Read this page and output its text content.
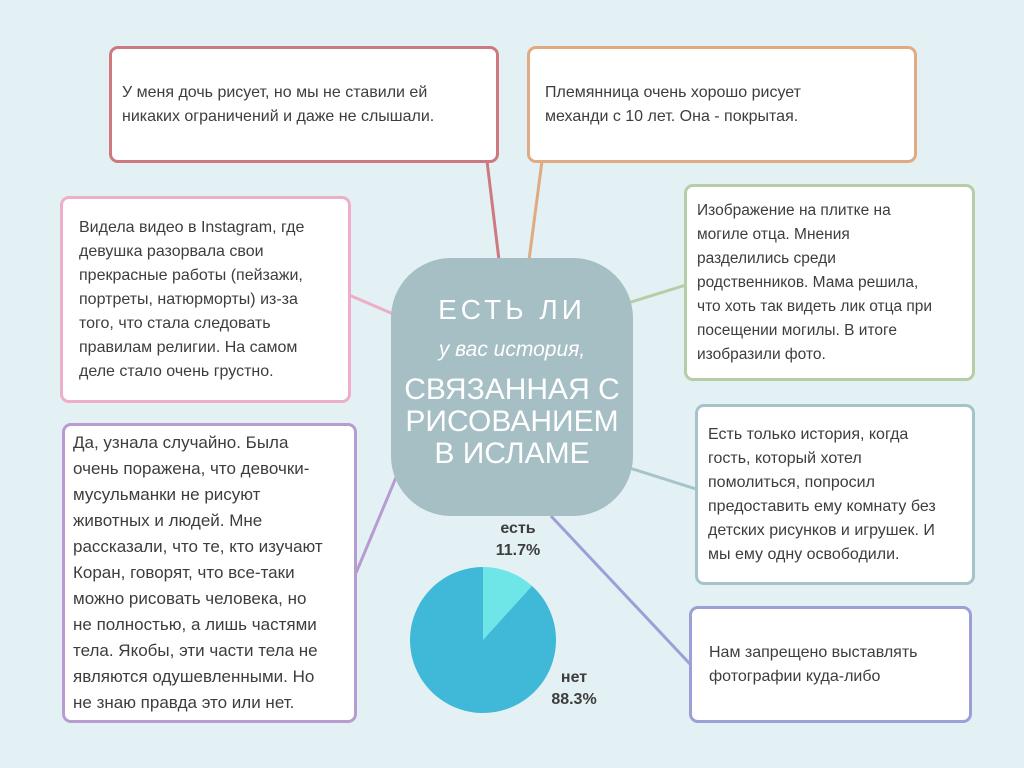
У меня дочь рисует, но мы не ставили ей
никаких ограничений и даже не слышали.
Племянница очень хорошо рисует
механди с 10 лет. Она - покрытая.
Изображение на плитке на
могиле отца. Мнения
разделились среди
родственников. Мама решила,
что хоть так видеть лик отца при
посещении могилы. В итоге
изобразили фото.
Видела видео в Instagram, где
девушка разорвала свои
прекрасные работы (пейзажи,
портреты, натюрморты) из-за
того, что стала следовать
правилам религии. На самом
деле стало очень грустно.
Есть только история, когда
гость, который хотел
помолиться, попросил
предоставить ему комнату без
детских рисунков и игрушек. И
мы ему одну освободили.
Да, узнала случайно. Была
очень поражена, что девочки-
мусульманки не рисуют
животных и людей. Мне
рассказали, что те, кто изучают
Коран, говорят, что все-таки
можно рисовать человека, но
не полностью, а лишь частями
тела. Якобы, эти части тела не
являются одушевленными. Но
не знаю правда это или нет.
Нам запрещено выставлять
фотографии куда-либо
ЕСТЬ ЛИ
у вас история,
СВЯЗАННАЯ С
РИСОВАНИЕМ
В ИСЛАМЕ
есть
11.7%
нет
88.3%
